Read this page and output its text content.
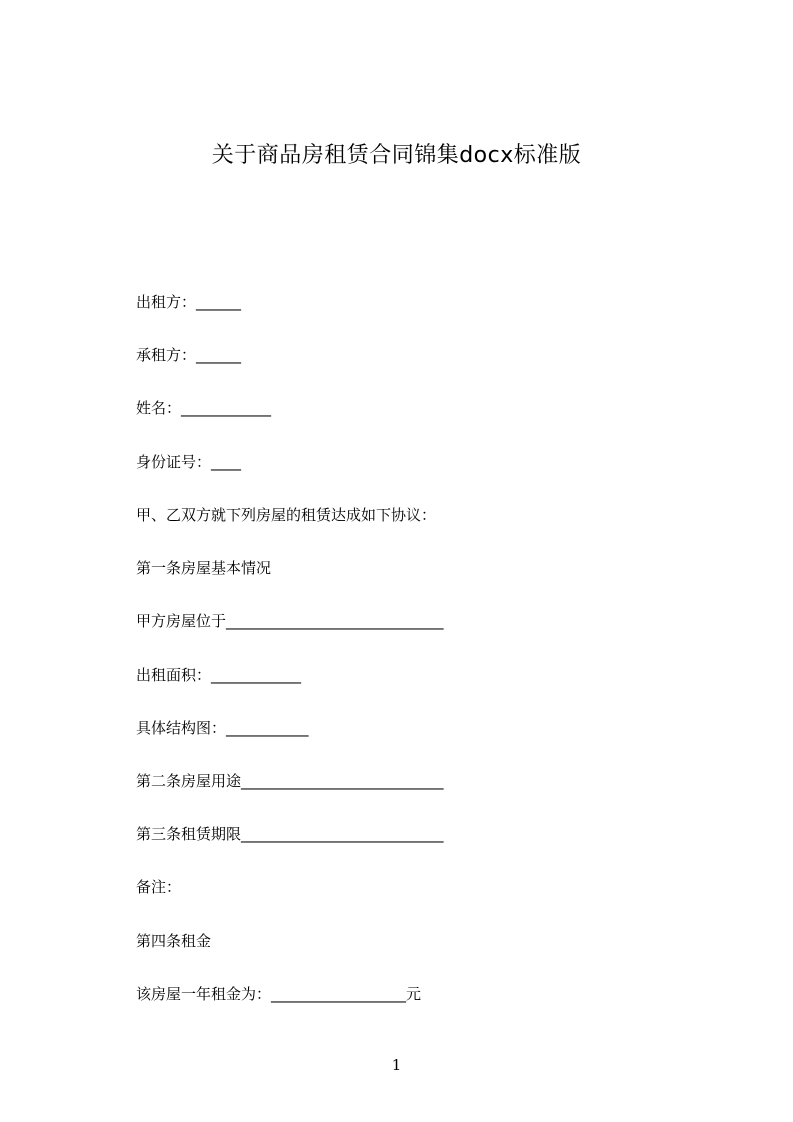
关于商品房租赁合同锦集docx标准版
出租方：______
承租方：______
姓名：____________
身份证号：____
甲、乙双方就下列房屋的租赁达成如下协议：
第一条房屋基本情况
甲方房屋位于_____________________________
出租面积：____________
具体结构图：___________
第二条房屋用途___________________________
第三条租赁期限___________________________
备注：
第四条租金
该房屋一年租金为：__________________元
1
